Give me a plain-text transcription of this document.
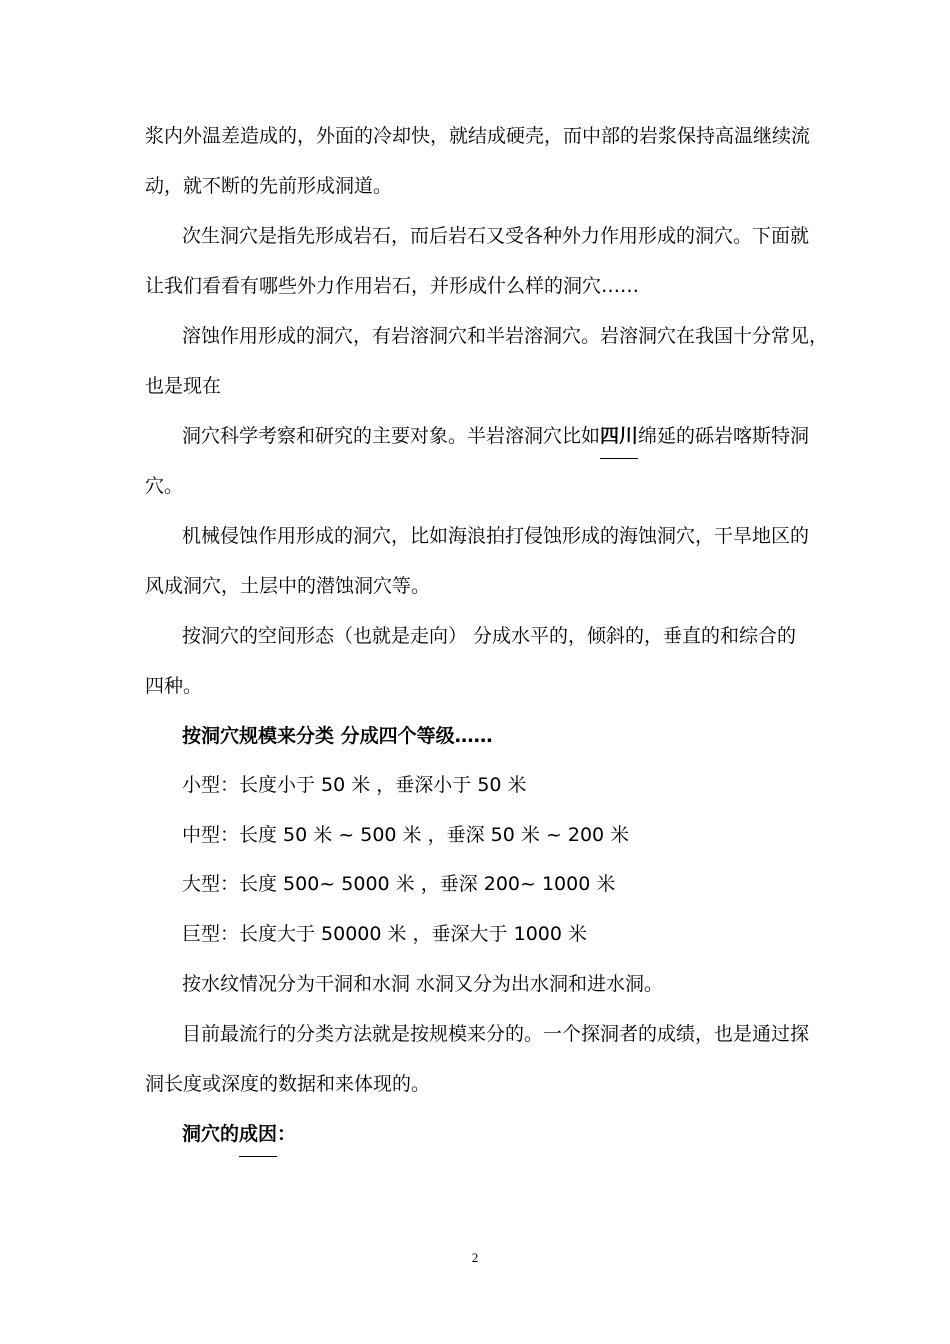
浆内外温差造成的，外面的冷却快，就结成硬壳，而中部的岩浆保持高温继续流
动，就不断的先前形成洞道。
次生洞穴是指先形成岩石，而后岩石又受各种外力作用形成的洞穴。下面就
让我们看看有哪些外力作用岩石，并形成什么样的洞穴……
溶蚀作用形成的洞穴，有岩溶洞穴和半岩溶洞穴。岩溶洞穴在我国十分常见，
也是现在
洞穴科学考察和研究的主要对象。半岩溶洞穴比如四川绵延的砾岩喀斯特洞
穴。
机械侵蚀作用形成的洞穴，比如海浪拍打侵蚀形成的海蚀洞穴，干旱地区的
风成洞穴，土层中的潜蚀洞穴等。
按洞穴的空间形态（也就是走向） 分成水平的，倾斜的，垂直的和综合的
四种。
按洞穴规模来分类 分成四个等级……
小型：长度小于 50 米 ，垂深小于 50 米
中型：长度 50 米 ~ 500 米 ，垂深 50 米 ~ 200 米
大型：长度 500~ 5000 米 ，垂深 200~ 1000 米
巨型：长度大于 50000 米 ，垂深大于 1000 米
按水纹情况分为干洞和水洞 水洞又分为出水洞和进水洞。
目前最流行的分类方法就是按规模来分的。一个探洞者的成绩，也是通过探
洞长度或深度的数据和来体现的。
洞穴的成因：
2
